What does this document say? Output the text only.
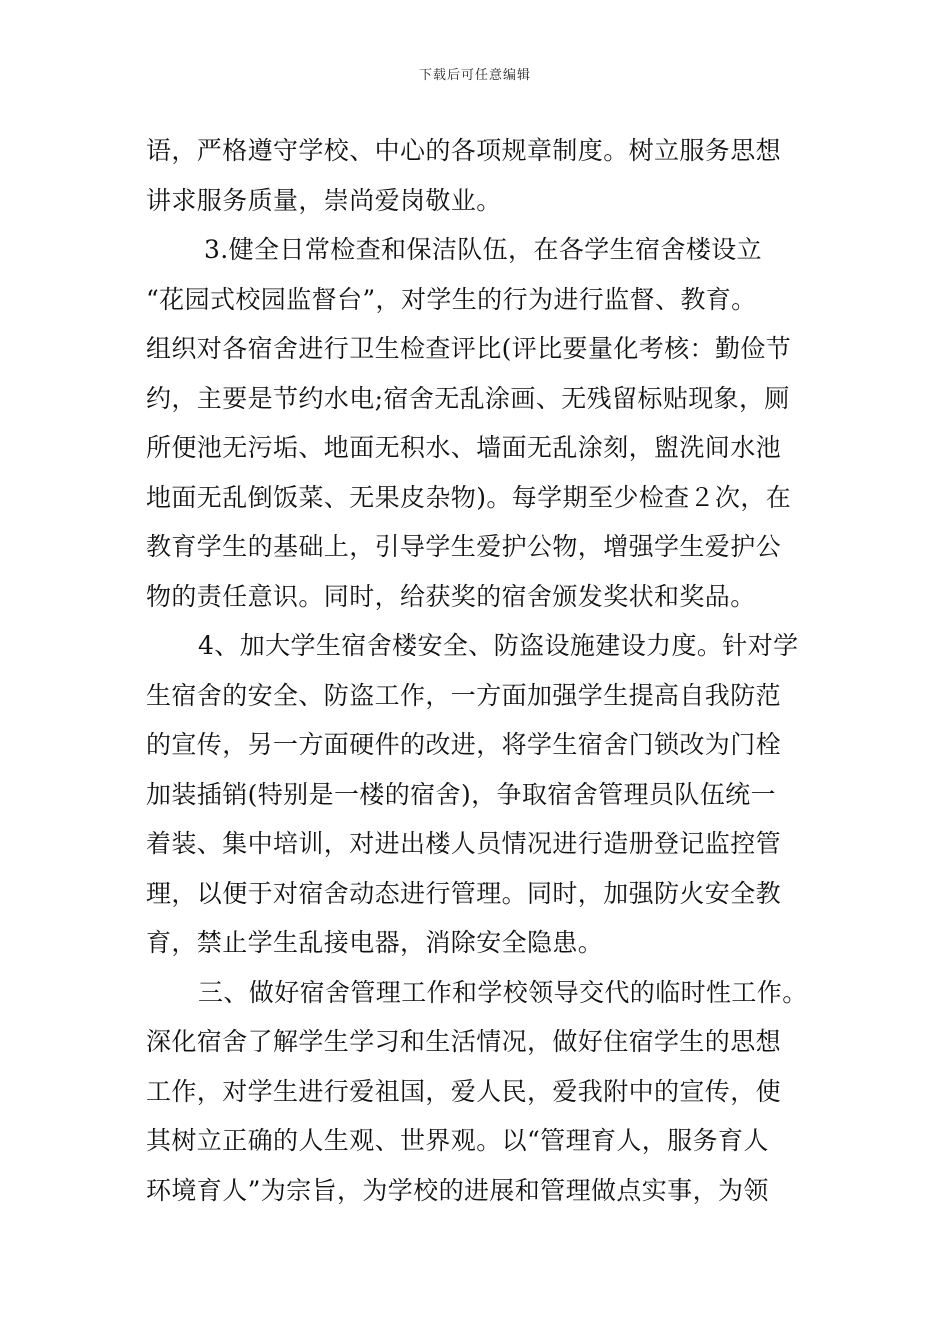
下载后可任意编辑
语，严格遵守学校、中心的各项规章制度。树立服务思想
讲求服务质量，崇尚爱岗敬业。
3.健全日常检查和保洁队伍，在各学生宿舍楼设立
“花园式校园监督台”，对学生的行为进行监督、教育。
组织对各宿舍进行卫生检查评比(评比要量化考核：勤俭节
约，主要是节约水电;宿舍无乱涂画、无残留标贴现象，厕
所便池无污垢、地面无积水、墙面无乱涂刻，盥洗间水池
地面无乱倒饭菜、无果皮杂物)。每学期至少检查２次，在
教育学生的基础上，引导学生爱护公物，增强学生爱护公
物的责任意识。同时，给获奖的宿舍颁发奖状和奖品。
4、加大学生宿舍楼安全、防盗设施建设力度。针对学
生宿舍的安全、防盗工作，一方面加强学生提高自我防范
的宣传，另一方面硬件的改进，将学生宿舍门锁改为门栓
加装插销(特别是一楼的宿舍)，争取宿舍管理员队伍统一
着装、集中培训，对进出楼人员情况进行造册登记监控管
理，以便于对宿舍动态进行管理。同时，加强防火安全教
育，禁止学生乱接电器，消除安全隐患。
三、做好宿舍管理工作和学校领导交代的临时性工作。
深化宿舍了解学生学习和生活情况，做好住宿学生的思想
工作，对学生进行爱祖国，爱人民，爱我附中的宣传，使
其树立正确的人生观、世界观。以“管理育人，服务育人
环境育人”为宗旨，为学校的进展和管理做点实事，为领
